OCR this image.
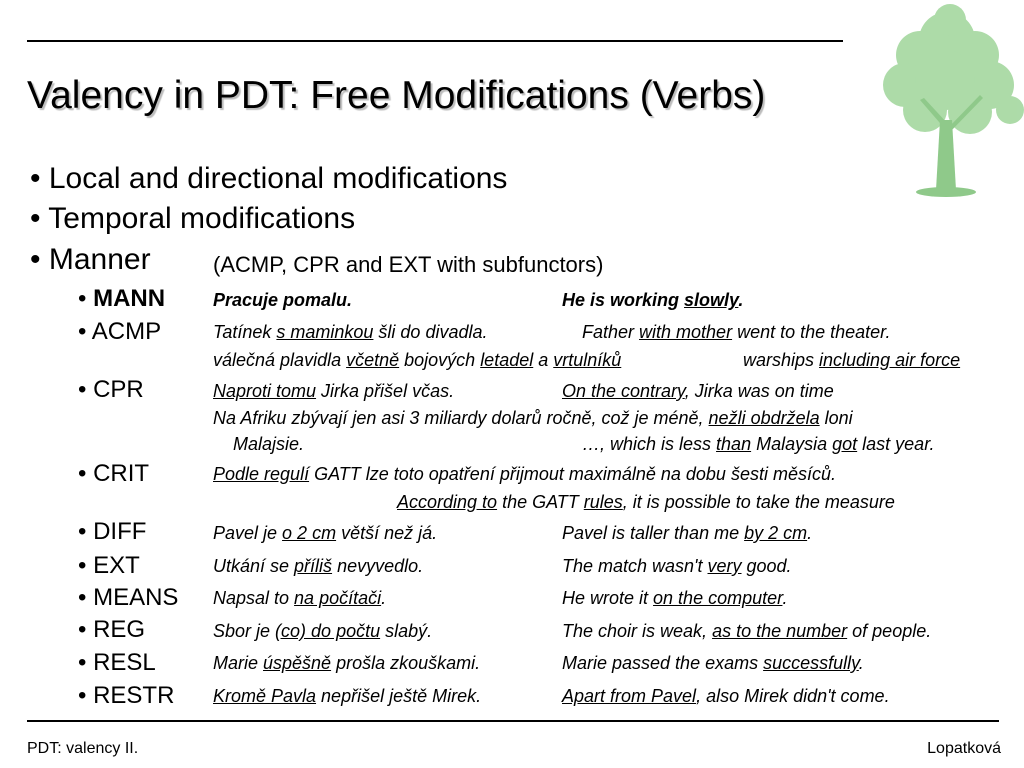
Valency in PDT: Free Modifications (Verbs)
• Local and directional modifications
• Temporal modifications
• Manner	(ACMP, CPR and EXT with subfunctors)
• MANN	Pracuje pomalu.	He is working slowly.
• ACMP	Tatínek s maminkou šli do divadla.	Father with mother went to the theater.
válečná plavidla včetně bojových letadel a vrtulníků	warships including air force
• CPR	Naproti tomu Jirka přišel včas.	On the contrary, Jirka was on time
Na Afriku zbývají jen asi 3 miliardy dolarů ročně, což je méně, nežli obdržela loni
Malajsie.	…, which is less than Malaysia got last year.
• CRIT	Podle regulí GATT lze toto opatření přijmout maximálně na dobu šesti měsíců.
According to the GATT rules, it is possible to take the measure
• DIFF	Pavel je o 2 cm větší než já.	Pavel is taller than me by 2 cm.
• EXT	Utkání se příliš nevyvedlo.	The match wasn't very good.
• MEANS Napsal to na počítači.	He wrote it on the computer.
• REG	Sbor je (co) do počtu slabý.	The choir is weak, as to the number of people.
• RESL	Marie úspěšně prošla zkouškami.	Marie passed the exams successfully.
• RESTR Kromě Pavla nepřišel ještě Mirek.	Apart from Pavel, also Mirek didn't come.
PDT: valency II.	Lopatková
